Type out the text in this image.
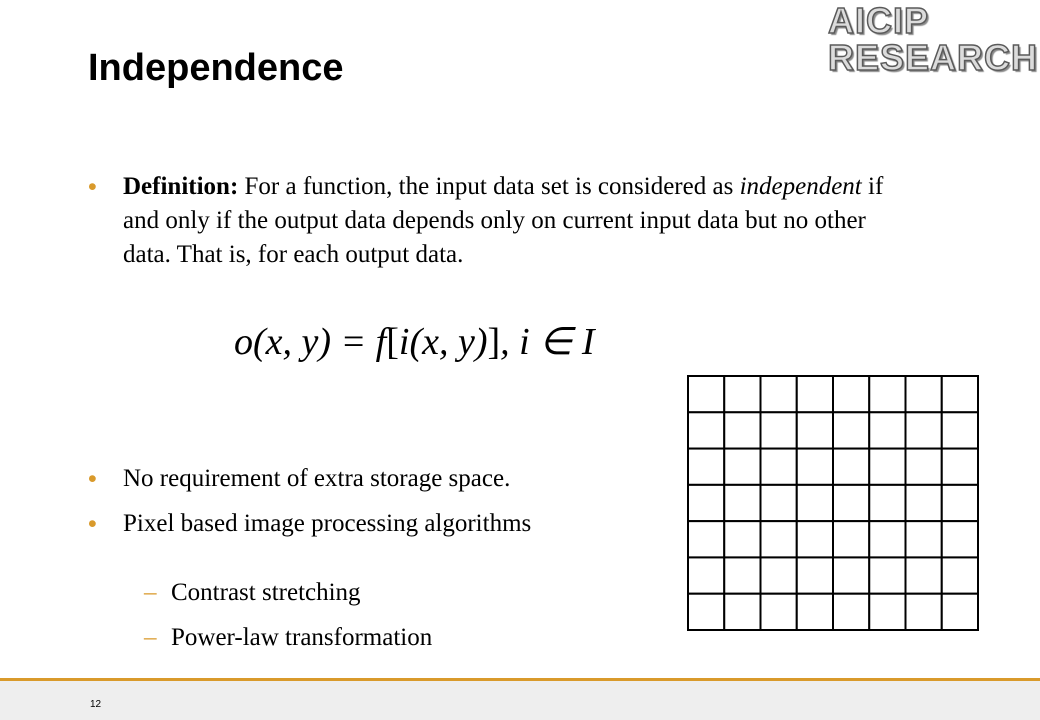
Independence
AICIP
RESEARCH

• Definition: For a function, the input data set is considered as independent if and only if the output data depends only on current input data but no other data. That is, for each output data.

o(x, y) = f[i(x, y)], i ∈ I

• No requirement of extra storage space.

• Pixel based image processing algorithms

– Contrast stretching

– Power-law transformation

12
